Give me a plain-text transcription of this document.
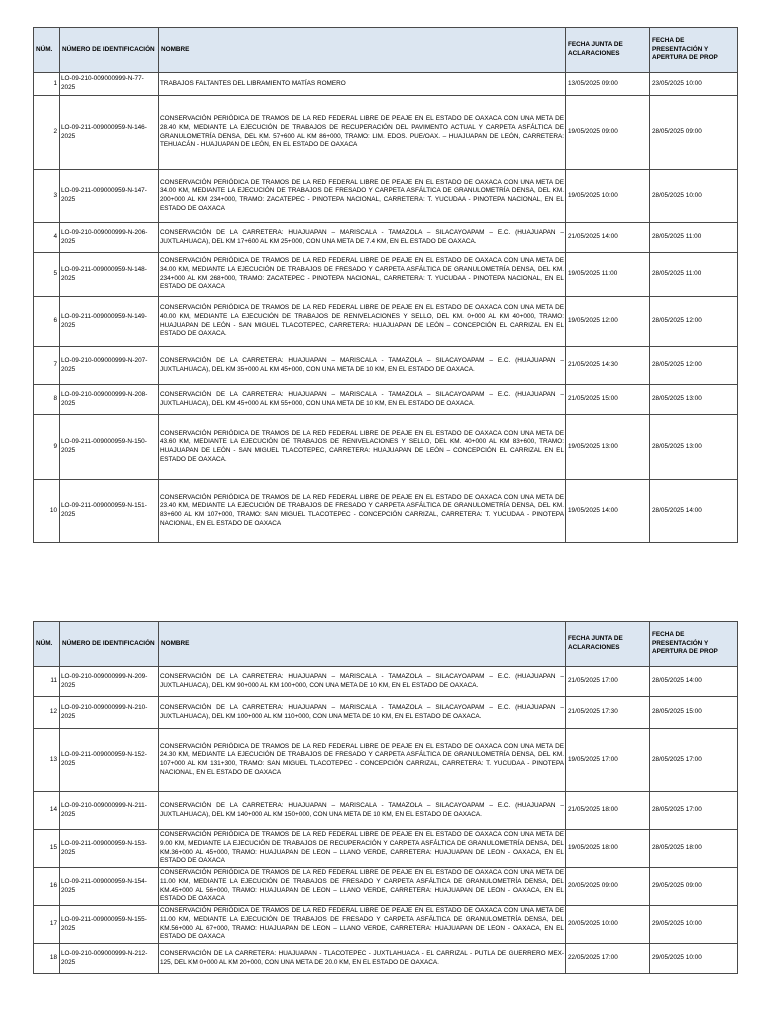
NÚM.	NÚMERO DE IDENTIFICACIÓN	NOMBRE	FECHA JUNTA DE ACLARACIONES	FECHA DE PRESENTACIÓN Y APERTURA DE PROP
1	LO-09-210-009000999-N-77-2025	TRABAJOS FALTANTES DEL LIBRAMIENTO MATÍAS ROMERO	13/05/2025 09:00	23/05/2025 10:00
2	LO-09-211-009000959-N-146-2025	CONSERVACIÓN PERIÓDICA DE TRAMOS DE LA RED FEDERAL LIBRE DE PEAJE EN EL ESTADO DE OAXACA CON UNA META DE 28.40 KM, MEDIANTE LA EJECUCIÓN DE TRABAJOS DE RECUPERACIÓN DEL PAVIMENTO ACTUAL Y CARPETA ASFÁLTICA DE GRANULOMETRÍA DENSA, DEL KM. 57+600 AL KM 86+000, TRAMO: LIM. EDOS. PUE/OAX. – HUAJUAPAN DE LEÓN, CARRETERA: TEHUACÁN - HUAJUAPAN DE LEÓN, EN EL ESTADO DE OAXACA	19/05/2025 09:00	28/05/2025 09:00
3	LO-09-211-009000959-N-147-2025	CONSERVACIÓN PERIÓDICA DE TRAMOS DE LA RED FEDERAL LIBRE DE PEAJE EN EL ESTADO DE OAXACA CON UNA META DE 34.00 KM, MEDIANTE LA EJECUCIÓN DE TRABAJOS DE FRESADO Y CARPETA ASFÁLTICA DE GRANULOMETRÍA DENSA, DEL KM. 200+000 AL KM 234+000, TRAMO: ZACATEPEC - PINOTEPA NACIONAL, CARRETERA: T. YUCUDAA - PINOTEPA NACIONAL, EN EL ESTADO DE OAXACA	19/05/2025 10:00	28/05/2025 10:00
4	LO-09-210-009000999-N-206-2025	CONSERVACIÓN DE LA CARRETERA: HUAJUAPAN – MARISCALA - TAMAZOLA – SILACAYOAPAM – E.C. (HUAJUAPAN – JUXTLAHUACA), DEL KM 17+600 AL KM 25+000, CON UNA META DE 7.4 KM, EN EL ESTADO DE OAXACA.	21/05/2025 14:00	28/05/2025 11:00
5	LO-09-211-009000959-N-148-2025	CONSERVACIÓN PERIÓDICA DE TRAMOS DE LA RED FEDERAL LIBRE DE PEAJE EN EL ESTADO DE OAXACA CON UNA META DE 34.00 KM, MEDIANTE LA EJECUCIÓN DE TRABAJOS DE FRESADO Y CARPETA ASFÁLTICA DE GRANULOMETRÍA DENSA, DEL KM. 234+000 AL KM 268+000, TRAMO: ZACATEPEC - PINOTEPA NACIONAL, CARRETERA: T. YUCUDAA - PINOTEPA NACIONAL, EN EL ESTADO DE OAXACA	19/05/2025 11:00	28/05/2025 11:00
6	LO-09-211-009000959-N-149-2025	CONSERVACIÓN PERIÓDICA DE TRAMOS DE LA RED FEDERAL LIBRE DE PEAJE EN EL ESTADO DE OAXACA CON UNA META DE 40.00 KM, MEDIANTE LA EJECUCIÓN DE TRABAJOS DE RENIVELACIONES Y SELLO, DEL KM. 0+000 AL KM 40+000, TRAMO: HUAJUAPAN DE LEÓN - SAN MIGUEL TLACOTEPEC, CARRETERA: HUAJUAPAN DE LEÓN – CONCEPCIÓN EL CARRIZAL EN EL ESTADO DE OAXACA.	19/05/2025 12:00	28/05/2025 12:00
7	LO-09-210-009000999-N-207-2025	CONSERVACIÓN DE LA CARRETERA: HUAJUAPAN – MARISCALA - TAMAZOLA – SILACAYOAPAM – E.C. (HUAJUAPAN – JUXTLAHUACA), DEL KM 35+000 AL KM 45+000, CON UNA META DE 10 KM, EN EL ESTADO DE OAXACA.	21/05/2025 14:30	28/05/2025 12:00
8	LO-09-210-009000999-N-208-2025	CONSERVACIÓN DE LA CARRETERA: HUAJUAPAN – MARISCALA - TAMAZOLA – SILACAYOAPAM – E.C. (HUAJUAPAN – JUXTLAHUACA), DEL KM 45+000 AL KM 55+000, CON UNA META DE 10 KM, EN EL ESTADO DE OAXACA.	21/05/2025 15:00	28/05/2025 13:00
9	LO-09-211-009000959-N-150-2025	CONSERVACIÓN PERIÓDICA DE TRAMOS DE LA RED FEDERAL LIBRE DE PEAJE EN EL ESTADO DE OAXACA CON UNA META DE 43.60 KM, MEDIANTE LA EJECUCIÓN DE TRABAJOS DE RENIVELACIONES Y SELLO, DEL KM. 40+000 AL KM 83+600, TRAMO: HUAJUAPAN DE LEÓN - SAN MIGUEL TLACOTEPEC, CARRETERA: HUAJUAPAN DE LEÓN – CONCEPCIÓN EL CARRIZAL EN EL ESTADO DE OAXACA.	19/05/2025 13:00	28/05/2025 13:00
10	LO-09-211-009000959-N-151-2025	CONSERVACIÓN PERIÓDICA DE TRAMOS DE LA RED FEDERAL LIBRE DE PEAJE EN EL ESTADO DE OAXACA CON UNA META DE 23.40 KM, MEDIANTE LA EJECUCIÓN DE TRABAJOS DE FRESADO Y CARPETA ASFÁLTICA DE GRANULOMETRÍA DENSA, DEL KM. 83+600 AL KM 107+000, TRAMO: SAN MIGUEL TLACOTEPEC - CONCEPCIÓN CARRIZAL, CARRETERA: T. YUCUDAA - PINOTEPA NACIONAL, EN EL ESTADO DE OAXACA	19/05/2025 14:00	28/05/2025 14:00
NÚM.	NÚMERO DE IDENTIFICACIÓN	NOMBRE	FECHA JUNTA DE ACLARACIONES	FECHA DE PRESENTACIÓN Y APERTURA DE PROP
11	LO-09-210-009000999-N-209-2025	CONSERVACIÓN DE LA CARRETERA: HUAJUAPAN – MARISCALA - TAMAZOLA – SILACAYOAPAM – E.C. (HUAJUAPAN – JUXTLAHUACA), DEL KM 90+000 AL KM 100+000, CON UNA META DE 10 KM, EN EL ESTADO DE OAXACA.	21/05/2025 17:00	28/05/2025 14:00
12	LO-09-210-009000999-N-210-2025	CONSERVACIÓN DE LA CARRETERA: HUAJUAPAN – MARISCALA - TAMAZOLA – SILACAYOAPAM – E.C. (HUAJUAPAN – JUXTLAHUACA), DEL KM 100+000 AL KM 110+000, CON UNA META DE 10 KM, EN EL ESTADO DE OAXACA.	21/05/2025 17:30	28/05/2025 15:00
13	LO-09-211-009000959-N-152-2025	CONSERVACIÓN PERIÓDICA DE TRAMOS DE LA RED FEDERAL LIBRE DE PEAJE EN EL ESTADO DE OAXACA CON UNA META DE 24.30 KM, MEDIANTE LA EJECUCIÓN DE TRABAJOS DE FRESADO Y CARPETA ASFÁLTICA DE GRANULOMETRÍA DENSA, DEL KM. 107+000 AL KM 131+300, TRAMO: SAN MIGUEL TLACOTEPEC - CONCEPCIÓN CARRIZAL, CARRETERA: T. YUCUDAA - PINOTEPA NACIONAL, EN EL ESTADO DE OAXACA	19/05/2025 17:00	28/05/2025 17:00
14	LO-09-210-009000999-N-211-2025	CONSERVACIÓN DE LA CARRETERA: HUAJUAPAN – MARISCALA - TAMAZOLA – SILACAYOAPAM – E.C. (HUAJUAPAN – JUXTLAHUACA), DEL KM 140+000 AL KM 150+000, CON UNA META DE 10 KM, EN EL ESTADO DE OAXACA.	21/05/2025 18:00	28/05/2025 17:00
15	LO-09-211-009000959-N-153-2025	CONSERVACIÓN PERIÓDICA DE TRAMOS DE LA RED FEDERAL LIBRE DE PEAJE EN EL ESTADO DE OAXACA CON UNA META DE 9.00 KM, MEDIANTE LA EJECUCIÓN DE TRABAJOS DE RECUPERACIÓN Y CARPETA ASFÁLTICA DE GRANULOMETRÍA DENSA, DEL KM.36+000 AL 45+000, TRAMO: HUAJUAPAN DE LEON – LLANO VERDE, CARRETERA: HUAJUAPAN DE LEON - OAXACA, EN EL ESTADO DE OAXACA	19/05/2025 18:00	28/05/2025 18:00
16	LO-09-211-009000959-N-154-2025	CONSERVACIÓN PERIÓDICA DE TRAMOS DE LA RED FEDERAL LIBRE DE PEAJE EN EL ESTADO DE OAXACA CON UNA META DE 11.00 KM, MEDIANTE LA EJECUCIÓN DE TRABAJOS DE FRESADO Y CARPETA ASFÁLTICA DE GRANULOMETRÍA DENSA, DEL KM.45+000 AL 56+000, TRAMO: HUAJUAPAN DE LEON – LLANO VERDE, CARRETERA: HUAJUAPAN DE LEON - OAXACA, EN EL ESTADO DE OAXACA	20/05/2025 09:00	29/05/2025 09:00
17	LO-09-211-009000959-N-155-2025	CONSERVACIÓN PERIÓDICA DE TRAMOS DE LA RED FEDERAL LIBRE DE PEAJE EN EL ESTADO DE OAXACA CON UNA META DE 11.00 KM, MEDIANTE LA EJECUCIÓN DE TRABAJOS DE FRESADO Y CARPETA ASFÁLTICA DE GRANULOMETRÍA DENSA, DEL KM.56+000 AL 67+000, TRAMO: HUAJUAPAN DE LEON – LLANO VERDE, CARRETERA: HUAJUAPAN DE LEON - OAXACA, EN EL ESTADO DE OAXACA	20/05/2025 10:00	29/05/2025 10:00
18	LO-09-210-009000999-N-212-2025	CONSERVACIÓN DE LA CARRETERA: HUAJUAPAN - TLACOTEPEC - JUXTLAHUACA - EL CARRIZAL - PUTLA DE GUERRERO MEX-125, DEL KM 0+000 AL KM 20+000, CON UNA META DE 20.0 KM, EN EL ESTADO DE OAXACA.	22/05/2025 17:00	29/05/2025 10:00
